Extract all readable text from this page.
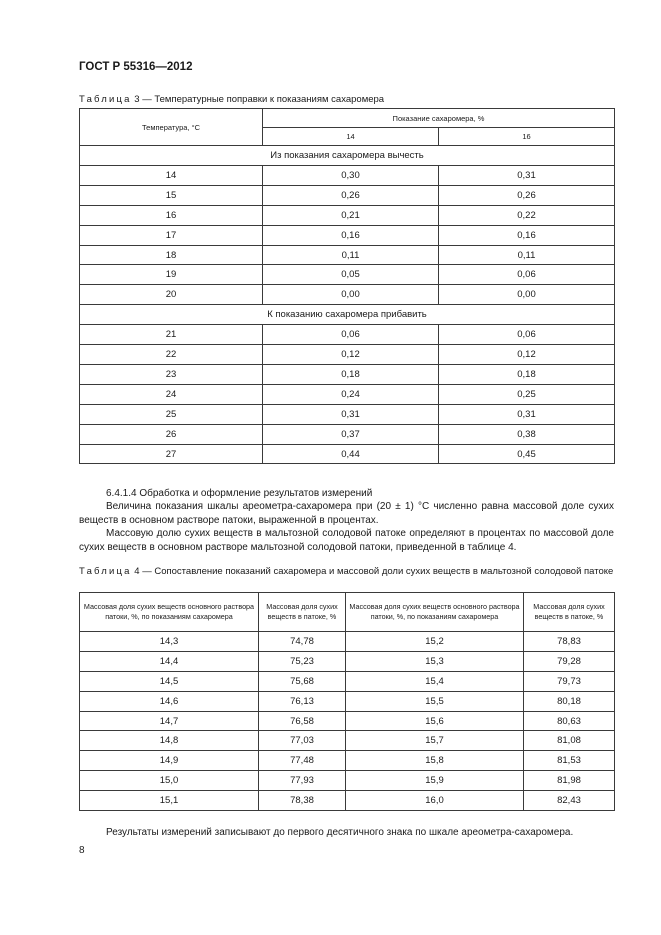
ГОСТ Р 55316—2012
Таблица 3 — Температурные поправки к показаниям сахаромера
Температура, °С	Показание сахаромера, %	
	14	16
Из показания сахаромера вычесть		
14	0,30	0,31
15	0,26	0,26
16	0,21	0,22
17	0,16	0,16
18	0,11	0,11
19	0,05	0,06
20	0,00	0,00
К показанию сахаромера прибавить		
21	0,06	0,06
22	0,12	0,12
23	0,18	0,18
24	0,24	0,25
25	0,31	0,31
26	0,37	0,38
27	0,44	0,45
6.4.1.4 Обработка и оформление результатов измерений
Величина показания шкалы ареометра-сахаромера при (20 ± 1) °С численно равна массовой доле сухих веществ в основном растворе патоки, выраженной в процентах.
Массовую долю сухих веществ в мальтозной солодовой патоке определяют в процентах по массовой доле сухих веществ в основном растворе мальтозной солодовой патоки, приведенной в таблице 4.
Таблица 4 — Сопоставление показаний сахаромера и массовой доли сухих веществ в мальтозной солодовой патоке
Массовая доля сухих веществ основного раствора патоки, %, по показаниям сахаромера	Массовая доля сухих веществ в патоке, %	Массовая доля сухих веществ основного раствора патоки, %, по показаниям сахаромера	Массовая доля сухих веществ в патоке, %
14,3	74,78	15,2	78,83
14,4	75,23	15,3	79,28
14,5	75,68	15,4	79,73
14,6	76,13	15,5	80,18
14,7	76,58	15,6	80,63
14,8	77,03	15,7	81,08
14,9	77,48	15,8	81,53
15,0	77,93	15,9	81,98
15,1	78,38	16,0	82,43
Результаты измерений записывают до первого десятичного знака по шкале ареометра-сахаромера.
8
